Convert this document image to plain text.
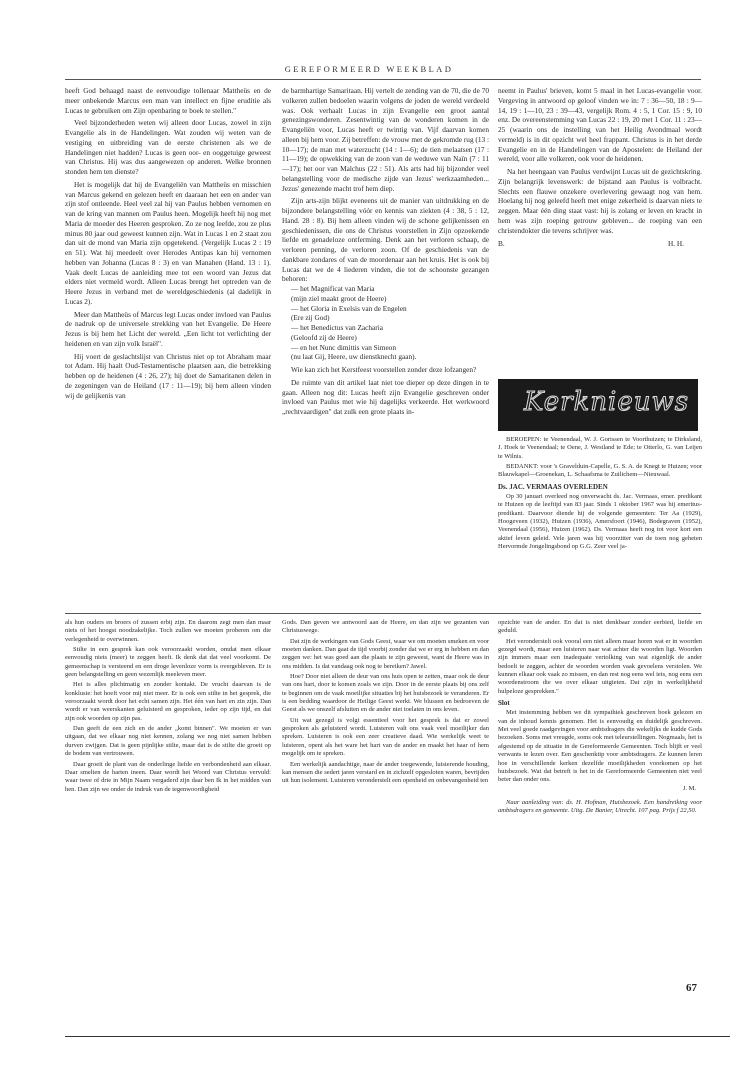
GEREFORMEERD WEEKBLAD

heeft God behaagd naast de eenvoudige tollenaar Mattheüs en de meer onbekende Marcus een man van intellect en fijne eruditie als Lucas te gebruiken om Zijn openbaring te boek te stellen."

Veel bijzonderheden weten wij alleen door Lucas, zowel in zijn Evangelie als in de Handelingen. Wat zouden wij weten van de vestiging en uitbreiding van de eerste christenen als we de Handelingen niet hadden? Lucas is geen oor- en ooggetuige geweest van Christus. Hij was dus aangewezen op anderen. Welke bronnen stonden hem ten dienste?

Het is mogelijk dat hij de Evangeliën van Mattheüs en misschien van Marcus gekend en gelezen heeft en daaraan het een en ander van zijn stof ontleende. Heel veel zal hij van Paulus hebben vernomen en van de kring van mannen om Paulus heen. Mogelijk heeft hij nog met Maria de moeder des Heeren gesproken. Zo ze nog leefde, zou ze plus minus 80 jaar oud geweest kunnen zijn. Wat in Lucas 1 en 2 staat zou dan uit de mond van Maria zijn opgetekend. (Vergelijk Lucas 2 : 19 en 51). Wat hij meedeelt over Herodes Antipas kan hij vernomen hebben van Johanna (Lucas 8 : 3) en van Manahen (Hand. 13 : 1). Vaak deelt Lucas de aanleiding mee tot een woord van Jezus dat elders niet vermeld wordt. Alleen Lucas brengt het optreden van de Heere Jezus in verband met de wereldgeschiedenis (al dadelijk in Lucas 2).

Meer dan Mattheüs of Marcus legt Lucas onder invloed van Paulus de nadruk op de universele strekking van het Evangelie. De Heere Jezus is bij hem het Licht der wereld. „Een licht tot verlichting der heidenen en van zijn volk Israël".

Hij voert de geslachtslijst van Christus niet op tot Abraham maar tot Adam. Hij haalt Oud-Testamentische plaatsen aan, die betrekking hebben op de heidenen (4 : 26, 27); hij doet de Samaritanen delen in de zegeningen van de Heiland (17 : 11—19); bij hem alleen vinden wij de gelijkenis van

de barmhartige Samaritaan. Hij vertelt de zending van de 70, die de 70 volkeren zullen bedoelen waarin volgens de joden de wereld verdeeld was. Ook verhaalt Lucas in zijn Evangelie een groot aantal genezingswonderen. Zesentwintig van de wonderen komen in de Evangeliën voor, Lucas heeft er twintig van. Vijf daarvan komen alleen bij hem voor. Zij betreffen: de vrouw met de gekromde rug (13 : 10—17); de man met waterzucht (14 : 1—6); de tien melaatsen (17 : 11—19); de opwekking van de zoon van de weduwe van Naïn (7 : 11—17); het oor van Malchus (22 : 51). Als arts had hij bijzonder veel belangstelling voor de medische zijde van Jezus' werkzaamheden... Jezus' genezende macht trof hem diep.

Zijn arts-zijn blijkt eveneens uit de manier van uitdrukking en de bijzondere belangstelling vóór en kennis van ziekten (4 : 38, 5 : 12, Hand. 28 : 8). Bij hem alleen vinden wij de schone gelijkenissen en geschiedenissen, die ons de Christus voorstellen in Zijn opzoekende liefde en genadeloze ontferming. Denk aan het verloren schaap, de verloren penning, de verloren zoon. Of de geschiedenis van de dankbare zondares of van de moordenaar aan het kruis. Het is ook bij Lucas dat we de 4 liederen vinden, die tot de schoonste gezangen behoren:

— het Magnificat van Maria
(mijn ziel maakt groot de Heere)
— het Gloria in Exelsis van de Engelen
(Ere zij God)
— het Benedictus van Zacharia
(Geloofd zij de Heere)
— en het Nunc dimittis van Simeon
(nu laat Gij, Heere, uw dienstknecht gaan).

Wie kan zich het Kerstfeest voorstellen zonder deze lofzangen?

De ruimte van dit artikel laat niet toe dieper op deze dingen in te gaan. Alleen nog dit: Lucas heeft zijn Evangelie geschreven onder invloed van Paulus met wie hij dagelijks verkeerde. Het werkwoord „rechtvaardigen" dat zulk een grote plaats in-

neemt in Paulus' brieven, komt 5 maal in het Lucas-evangelie voor. Vergeving in antwoord op geloof vinden we in: 7 : 36—50, 18 : 9—14, 19 : 1—10, 23 : 39—43, vergelijk Rom. 4 : 5, 1 Cor. 15 : 9, 10 enz. De overeenstemming van Lucas 22 : 19, 20 met 1 Cor. 11 : 23—25 (waarin ons de instelling van het Heilig Avondmaal wordt vermeld) is in dit opzicht wel heel frappant. Christus is in het derde Evangelie en in de Handelingen van de Apostelen: de Heiland der wereld, voor alle volkeren, ook voor de heidenen.

Na het heengaan van Paulus verdwijnt Lucas uit de gezichtskring. Zijn belangrijk levenswerk: de bijstand aan Paulus is volbracht. Slechts een flauwe onzekere overlevering gewaagt nog van hem. Hoelang hij nog geleefd heeft met enige zekerheid is daarvan niets te zeggen. Maar één ding staat vast: hij is zolang er leven en kracht in hem was zijn roeping getrouw gebleven... de roeping van een christendokter die tevens schrijver was.

B.	H. H.
Kerknieuws

BEROEPEN: te Veenendaal, W. J. Gorissen te Voorthuizen; te Dirksland, J. Hoek te Veenendaal; te Oene, J. Westland te Ede; te Otterlo, G. van Leijen te Wilnis.

BEDANKT: voor 's Gravelduin-Capelle, G. S. A. de Knegt te Huizen; voor Blauwkapel—Groenekan, L. Schaafsma te Zuilichem—Nieuwaal.

Ds. JAC. VERMAAS OVERLEDEN

Op 30 januari overleed nog onverwacht ds. Jac. Vermaas, emer. predikant te Huizen op de leeftijd van 83 jaar. Sinds 1 oktober 1967 was hij emeritus-predikant. Daarvoor diende hij de volgende gemeenten: Ter Aa (1929), Hoogeveen (1932), Huizen (1936), Amersfoort (1946), Bodegraven (1952), Veenendaal (1956), Huizen (1962). Ds. Vermaas heeft nog tot voor kort een aktief leven geleid. Vele jaren was hij voorzitter van de toen nog geheten Hervormde Jongelingsbond op G.G. Zeer veel ja-

als hun ouders en broers of zussen erbij zijn. En daarom zegt men dan maar niets of het hoogst noodzakelijke. Toch zullen we moeten proberen om die verlegenheid te overwinnen.

Stilte in een gesprek kan ook veroorzaakt worden, omdat men elkaar eenvoudig niets (meer) te zeggen heeft. Ik denk dat dat veel voorkomt. De gemeenschap is versteend en een droge levenloze vorm is overgebleven. Er is geen belangstelling en geen wezenlijk meeleven meer.

Het is alles plichtmatig en zonder kontakt. De vrucht daarvan is de konklusie: het hoeft voor mij niet meer. Er is ook een stilte in het gesprek, die veroorzaakt wordt door het echt samen zijn. Het één van hart en zin zijn. Dan wordt er van weerskanten geluisterd en gesproken, ieder op zijn tijd, en dat zijn ook woorden op zijn pas.

Dan geeft de een zich en de ander „komt binnen". We moeten er van uitgaan, dat we elkaar nog niet kennen, zolang we nog niet samen hebben durven zwijgen. Dat is geen pijnlijke stilte, maar dat is de stilte die groeit op de bodem van vertrouwen.

Daar groeit de plant van de onderlinge liefde en verbondenheid aan elkaar. Daar smelten de harten ineen. Daar wordt het Woord van Christus vervuld: waar twee of drie in Mijn Naam vergaderd zijn daar ben Ik in het midden van hen. Dan zijn we onder de indruk van de tegenwoordigheid

Gods. Dan geven we antwoord aan de Heere, en dan zijn we gezanten van Christuswege.

Dat zijn de werkingen van Gods Geest, waar we om moeten smeken en voor moeten danken. Dan gaat de tijd voorbij zonder dat we er erg in hebben en dan zeggen we: het was goed aan die plaats te zijn geweest, want de Heere was in ons midden. Is dat vandaag ook nog te bereiken? Jawel.

Hoe? Door niet alleen de deur van ons huis open te zetten, maar ook de deur van ons hart, door te komen zoals we zijn. Door in de eerste plaats bij ons zelf te beginnen om de vaak moeilijke situaties bij het huisbezoek te veranderen. Er is een bedding waardoor de Heilige Geest werkt. We blussen en bedroeven de Geest als we onszelf afsluiten en de ander niet toelaten in ons leven.

Uit wat gezegd is volgt essentieel voor het gesprek is dat er zowel gesproken als geluisterd wordt. Luisteren valt ons vaak veel moeilijker dan spreken. Luisteren is ook een zeer creatieve daad. Wie werkelijk weet te luisteren, opent als het ware het hart van de ander en maakt het haar of hem mogelijk om te spreken.

Een werkelijk aandachtige, naar de ander toegewende, luisterende houding, kan mensen die sedert jaren verstard en in zichzelf opgesloten waren, bevrijden uit hun isolement. Luisteren veronderstelt een openheid en onbevangenheid ten

opzichte van de ander. En dat is niet denkbaar zonder eerbied, liefde en geduld.

Het veronderstelt ook vooral een niet alleen maar horen wat er in woorden gezegd wordt, maar een luisteren naar wat achter die woorden ligt. Woorden zijn immers maar een inadequate vertolking van wat eigenlijk de ander bedoelt te zeggen, achter de woorden worden vaak gevoelens verstolen. We kunnen elkaar ook vaak zo missen, en dan rest nog eens wel iets, nog eens een woordenstroom die we over elkaar uitgieten. Dat zijn in werkelijkheid hulpeloze gesprekken."

Slot

Met instemming hebben we dit sympathiek geschreven boek gelezen en van de inhoud kennis genomen. Het is eenvoudig en duidelijk geschreven. Met veel goede raadgevingen voor ambtsdragers die wekelijks de kudde Gods bezoeken. Soms met vreugde, soms ook met teleurstellingen. Nogmaals, het is afgestemd op de situatie in de Gereformeerde Gemeenten. Toch blijft er veel verwants te lezen over. Een geschenktip voor ambtsdragers. Ze kunnen leren hoe in verschillende kerken dezelfde moeilijkheden voorkomen op het huisbezoek. Wat dat betreft is het in de Gereformeerde Gemeenten niet veel beter dan onder ons.

J. M.

Naar aanleiding van: ds. H. Hofman, Huisbezoek. Een handreiking voor ambtsdragers en gemeente. Uitg. De Banier, Utrecht. 107 pag. Prijs f 22,50.

67
